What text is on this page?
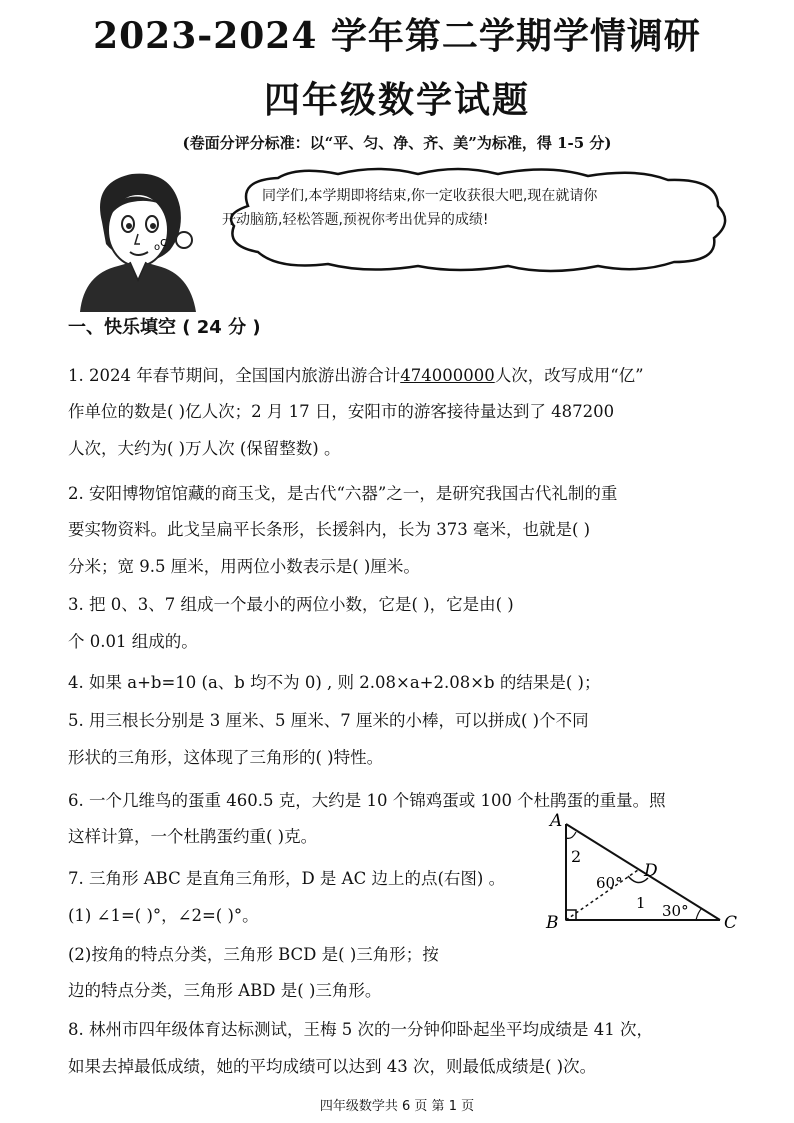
2023-2024 学年第二学期学情调研
四年级数学试题
(卷面分评分标准：以“平、匀、净、齐、美”为标准，得 1-5 分)
o c
同学们,本学期即将结束,你一定收获很大吧,现在就请你
开动脑筋,轻松答题,预祝你考出优异的成绩!
一、快乐填空 ( 24 分 )
1. 2024 年春节期间，全国国内旅游出游合计474000000人次，改写成用“亿”
作单位的数是( )亿人次；2 月 17 日，安阳市的游客接待量达到了 487200
人次，大约为( )万人次 (保留整数) 。
2. 安阳博物馆馆藏的商玉戈，是古代“六器”之一，是研究我国古代礼制的重
要实物资料。此戈呈扁平长条形，长援斜内，长为 373 毫米，也就是( )
分米；宽 9.5 厘米，用两位小数表示是( )厘米。
3. 把 0、3、7 组成一个最小的两位小数，它是( )，它是由( )
个 0.01 组成的。
4. 如果 a+b=10 (a、b 均不为 0) , 则 2.08×a+2.08×b 的结果是( )；
5. 用三根长分别是 3 厘米、5 厘米、7 厘米的小棒，可以拼成( )个不同
形状的三角形，这体现了三角形的( )特性。
6. 一个几维鸟的蛋重 460.5 克，大约是 10 个锦鸡蛋或 100 个杜鹃蛋的重量。照
这样计算，一个杜鹃蛋约重( )克。
7. 三角形 ABC 是直角三角形，D 是 AC 边上的点(右图) 。
(1) ∠1=( )°，∠2=( )°。
(2)按角的特点分类，三角形 BCD 是( )三角形；按
边的特点分类，三角形 ABD 是( )三角形。
8. 林州市四年级体育达标测试，王梅 5 次的一分钟仰卧起坐平均成绩是 41 次，
如果去掉最低成绩，她的平均成绩可以达到 43 次，则最低成绩是( )次。
A
B	C
D
2
1
60°
30°
四年级数学共 6 页 第 1 页
